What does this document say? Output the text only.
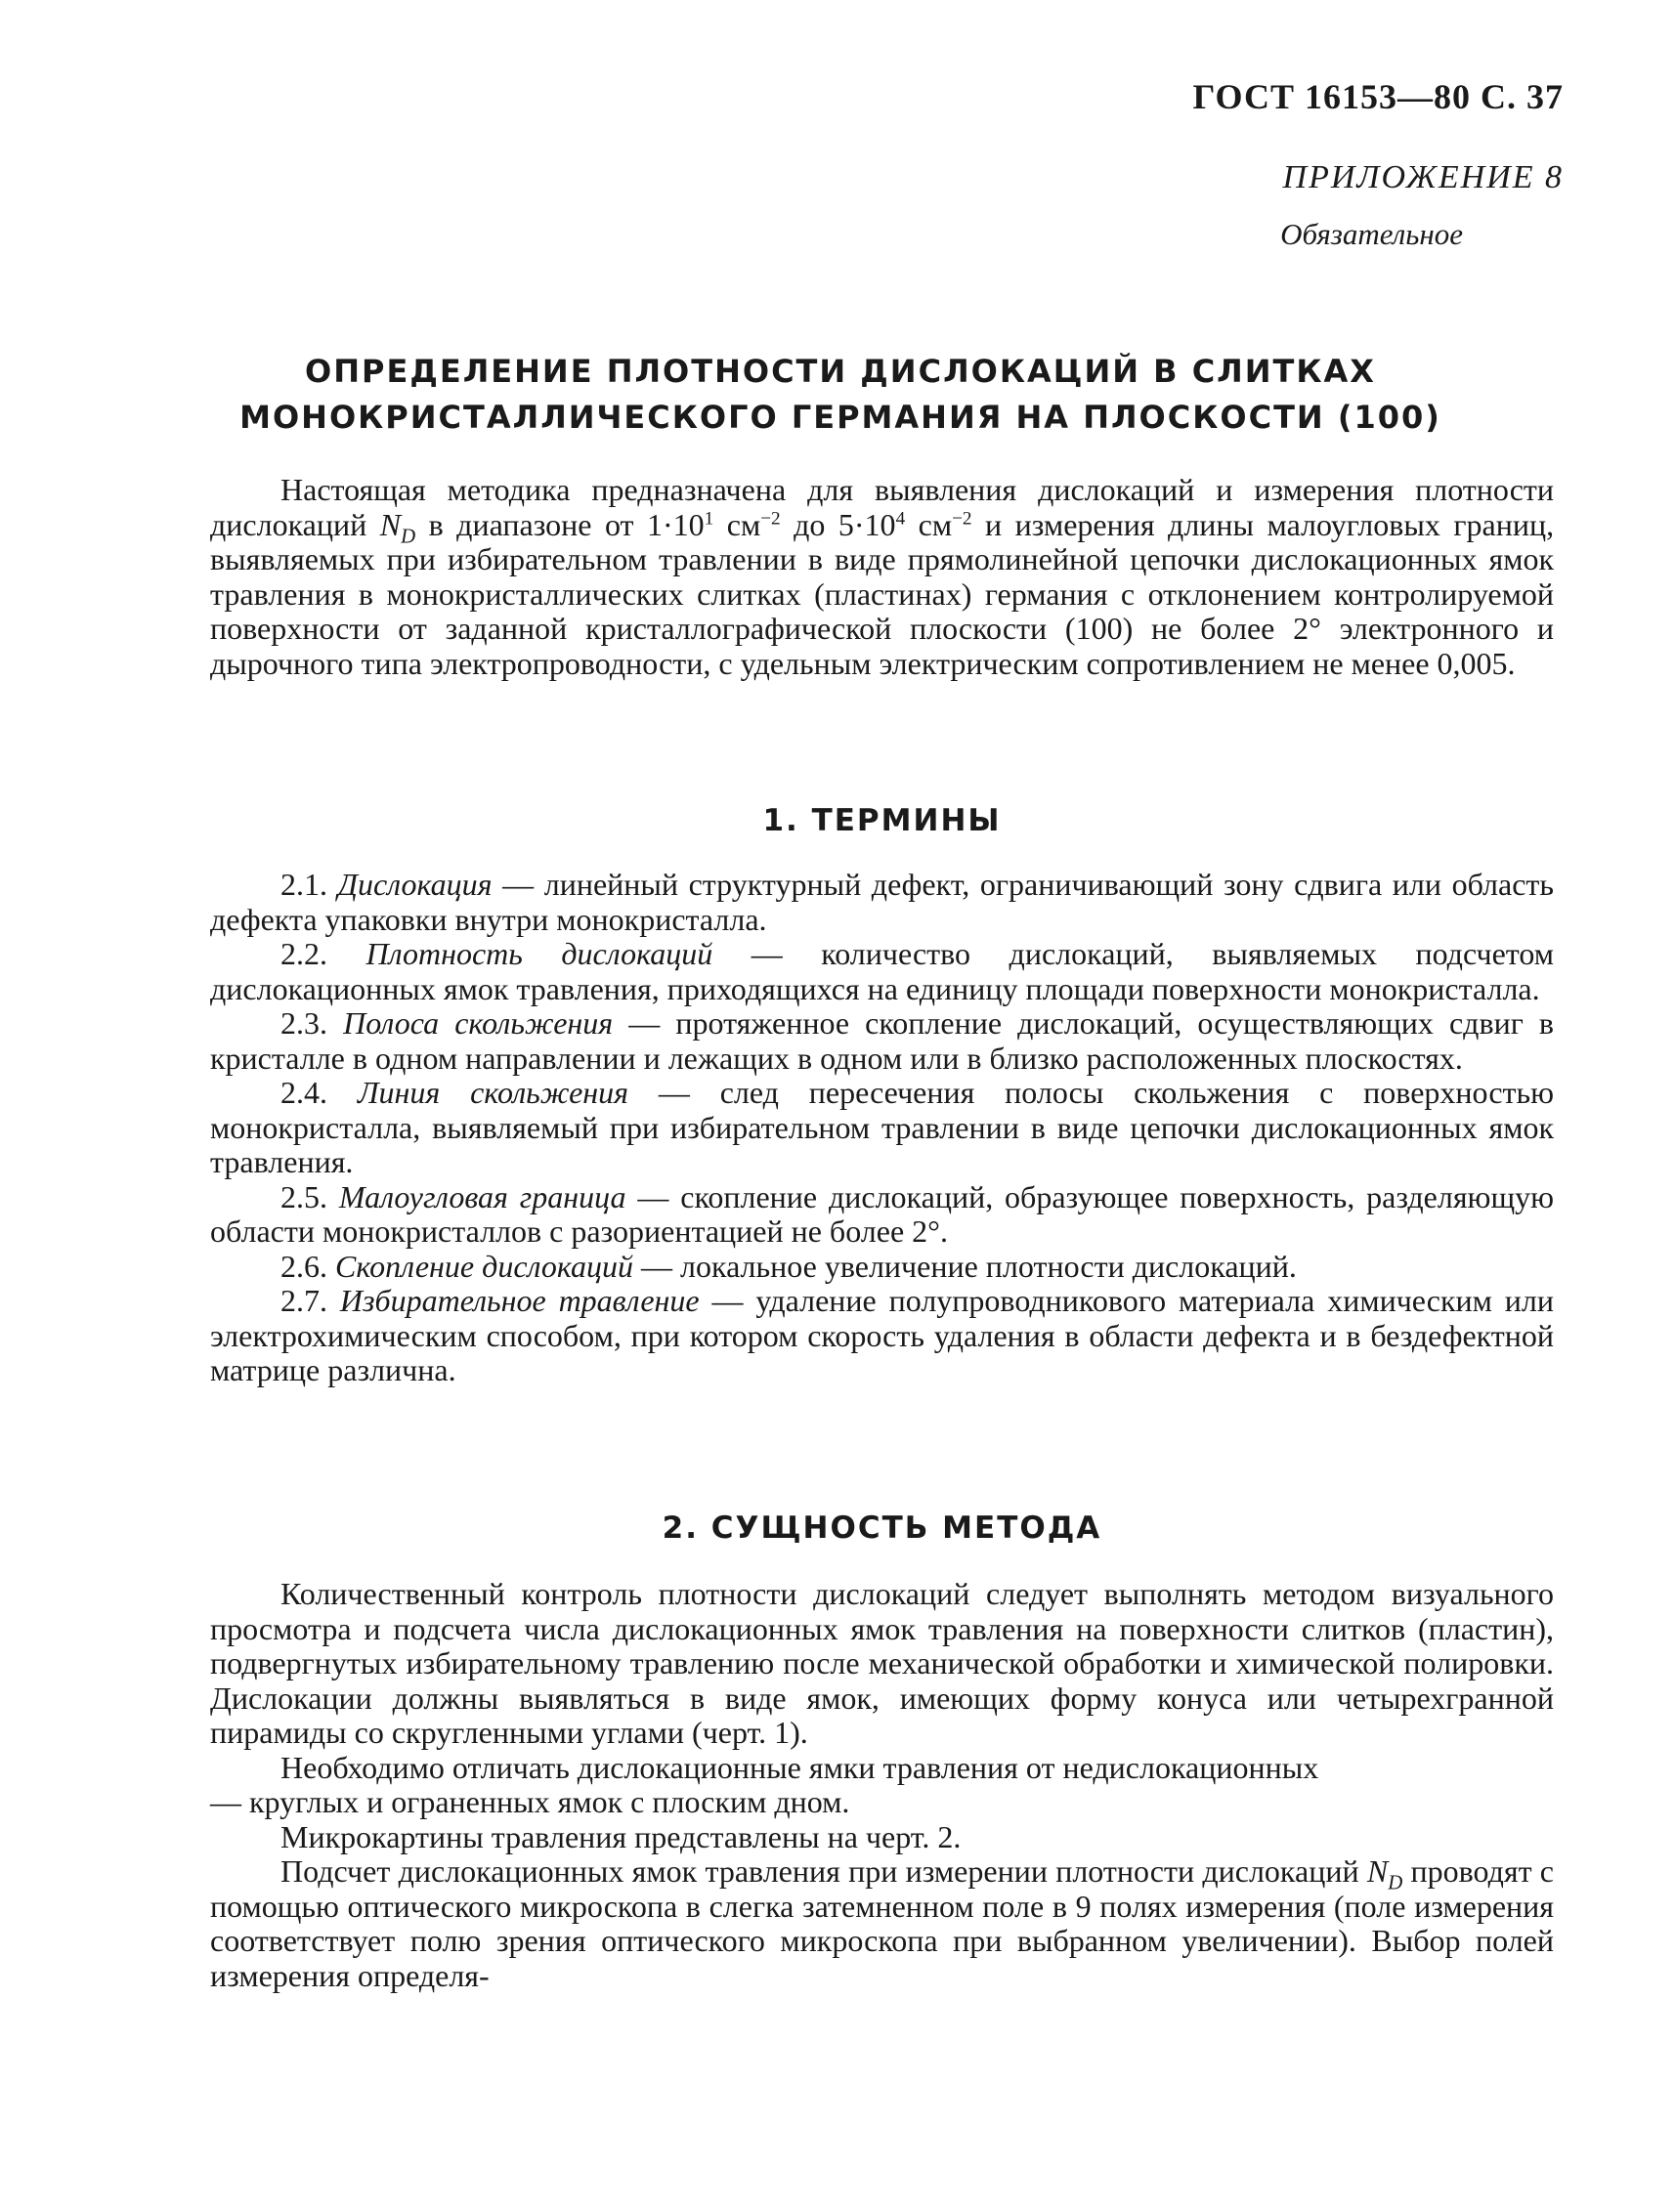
ГОСТ 16153—80 С. 37
ПРИЛОЖЕНИЕ 8
Обязательное
ОПРЕДЕЛЕНИЕ ПЛОТНОСТИ ДИСЛОКАЦИЙ В СЛИТКАХ
МОНОКРИСТАЛЛИЧЕСКОГО ГЕРМАНИЯ НА ПЛОСКОСТИ (100)

Настоящая методика предназначена для выявления дислокаций и измерения плотности дислокаций $N_D$ в диапазоне от $1\cdot 10^1$ $см^{-2}$ до $5\cdot 10^4$ $см^{-2}$ и измерения длины малоугловых границ, выявляемых при избирательном травлении в виде прямолинейной цепочки дислокационных ямок травления в монокристаллических слитках (пластинах) германия с отклонением контролируемой поверхности от заданной кристаллографической плоскости (100) не более 2° электронного и дырочного типа электропроводности, с удельным электрическим сопротивлением не менее 0,005.

1. ТЕРМИНЫ

2.1. Дислокация — линейный структурный дефект, ограничивающий зону сдвига или область дефекта упаковки внутри монокристалла.

2.2. Плотность дислокаций — количество дислокаций, выявляемых подсчетом дислокационных ямок травления, приходящихся на единицу площади поверхности монокристалла.

2.3. Полоса скольжения — протяженное скопление дислокаций, осуществляющих сдвиг в кристалле в одном направлении и лежащих в одном или в близко расположенных плоскостях.

2.4. Линия скольжения — след пересечения полосы скольжения с поверхностью монокристалла, выявляемый при избирательном травлении в виде цепочки дислокационных ямок травления.

2.5. Малоугловая граница — скопление дислокаций, образующее поверхность, разделяющую области монокристаллов с разориентацией не более 2°.

2.6. Скопление дислокаций — локальное увеличение плотности дислокаций.

2.7. Избирательное травление — удаление полупроводникового материала химическим или электрохимическим способом, при котором скорость удаления в области дефекта и в бездефектной матрице различна.

2. СУЩНОСТЬ МЕТОДА

Количественный контроль плотности дислокаций следует выполнять методом визуального просмотра и подсчета числа дислокационных ямок травления на поверхности слитков (пластин), подвергнутых избирательному травлению после механической обработки и химической полировки. Дислокации должны выявляться в виде ямок, имеющих форму конуса или четырехгранной пирамиды со скругленными углами (черт. 1).

Необходимо отличать дислокационные ямки травления от недислокационных

— круглых и ограненных ямок с плоским дном.

Микрокартины травления представлены на черт. 2.

Подсчет дислокационных ямок травления при измерении плотности дислокаций $N_D$ проводят с помощью оптического микроскопа в слегка затемненном поле в 9 полях измерения (поле измерения соответствует полю зрения оптического микроскопа при выбранном увеличении). Выбор полей измерения определя-
